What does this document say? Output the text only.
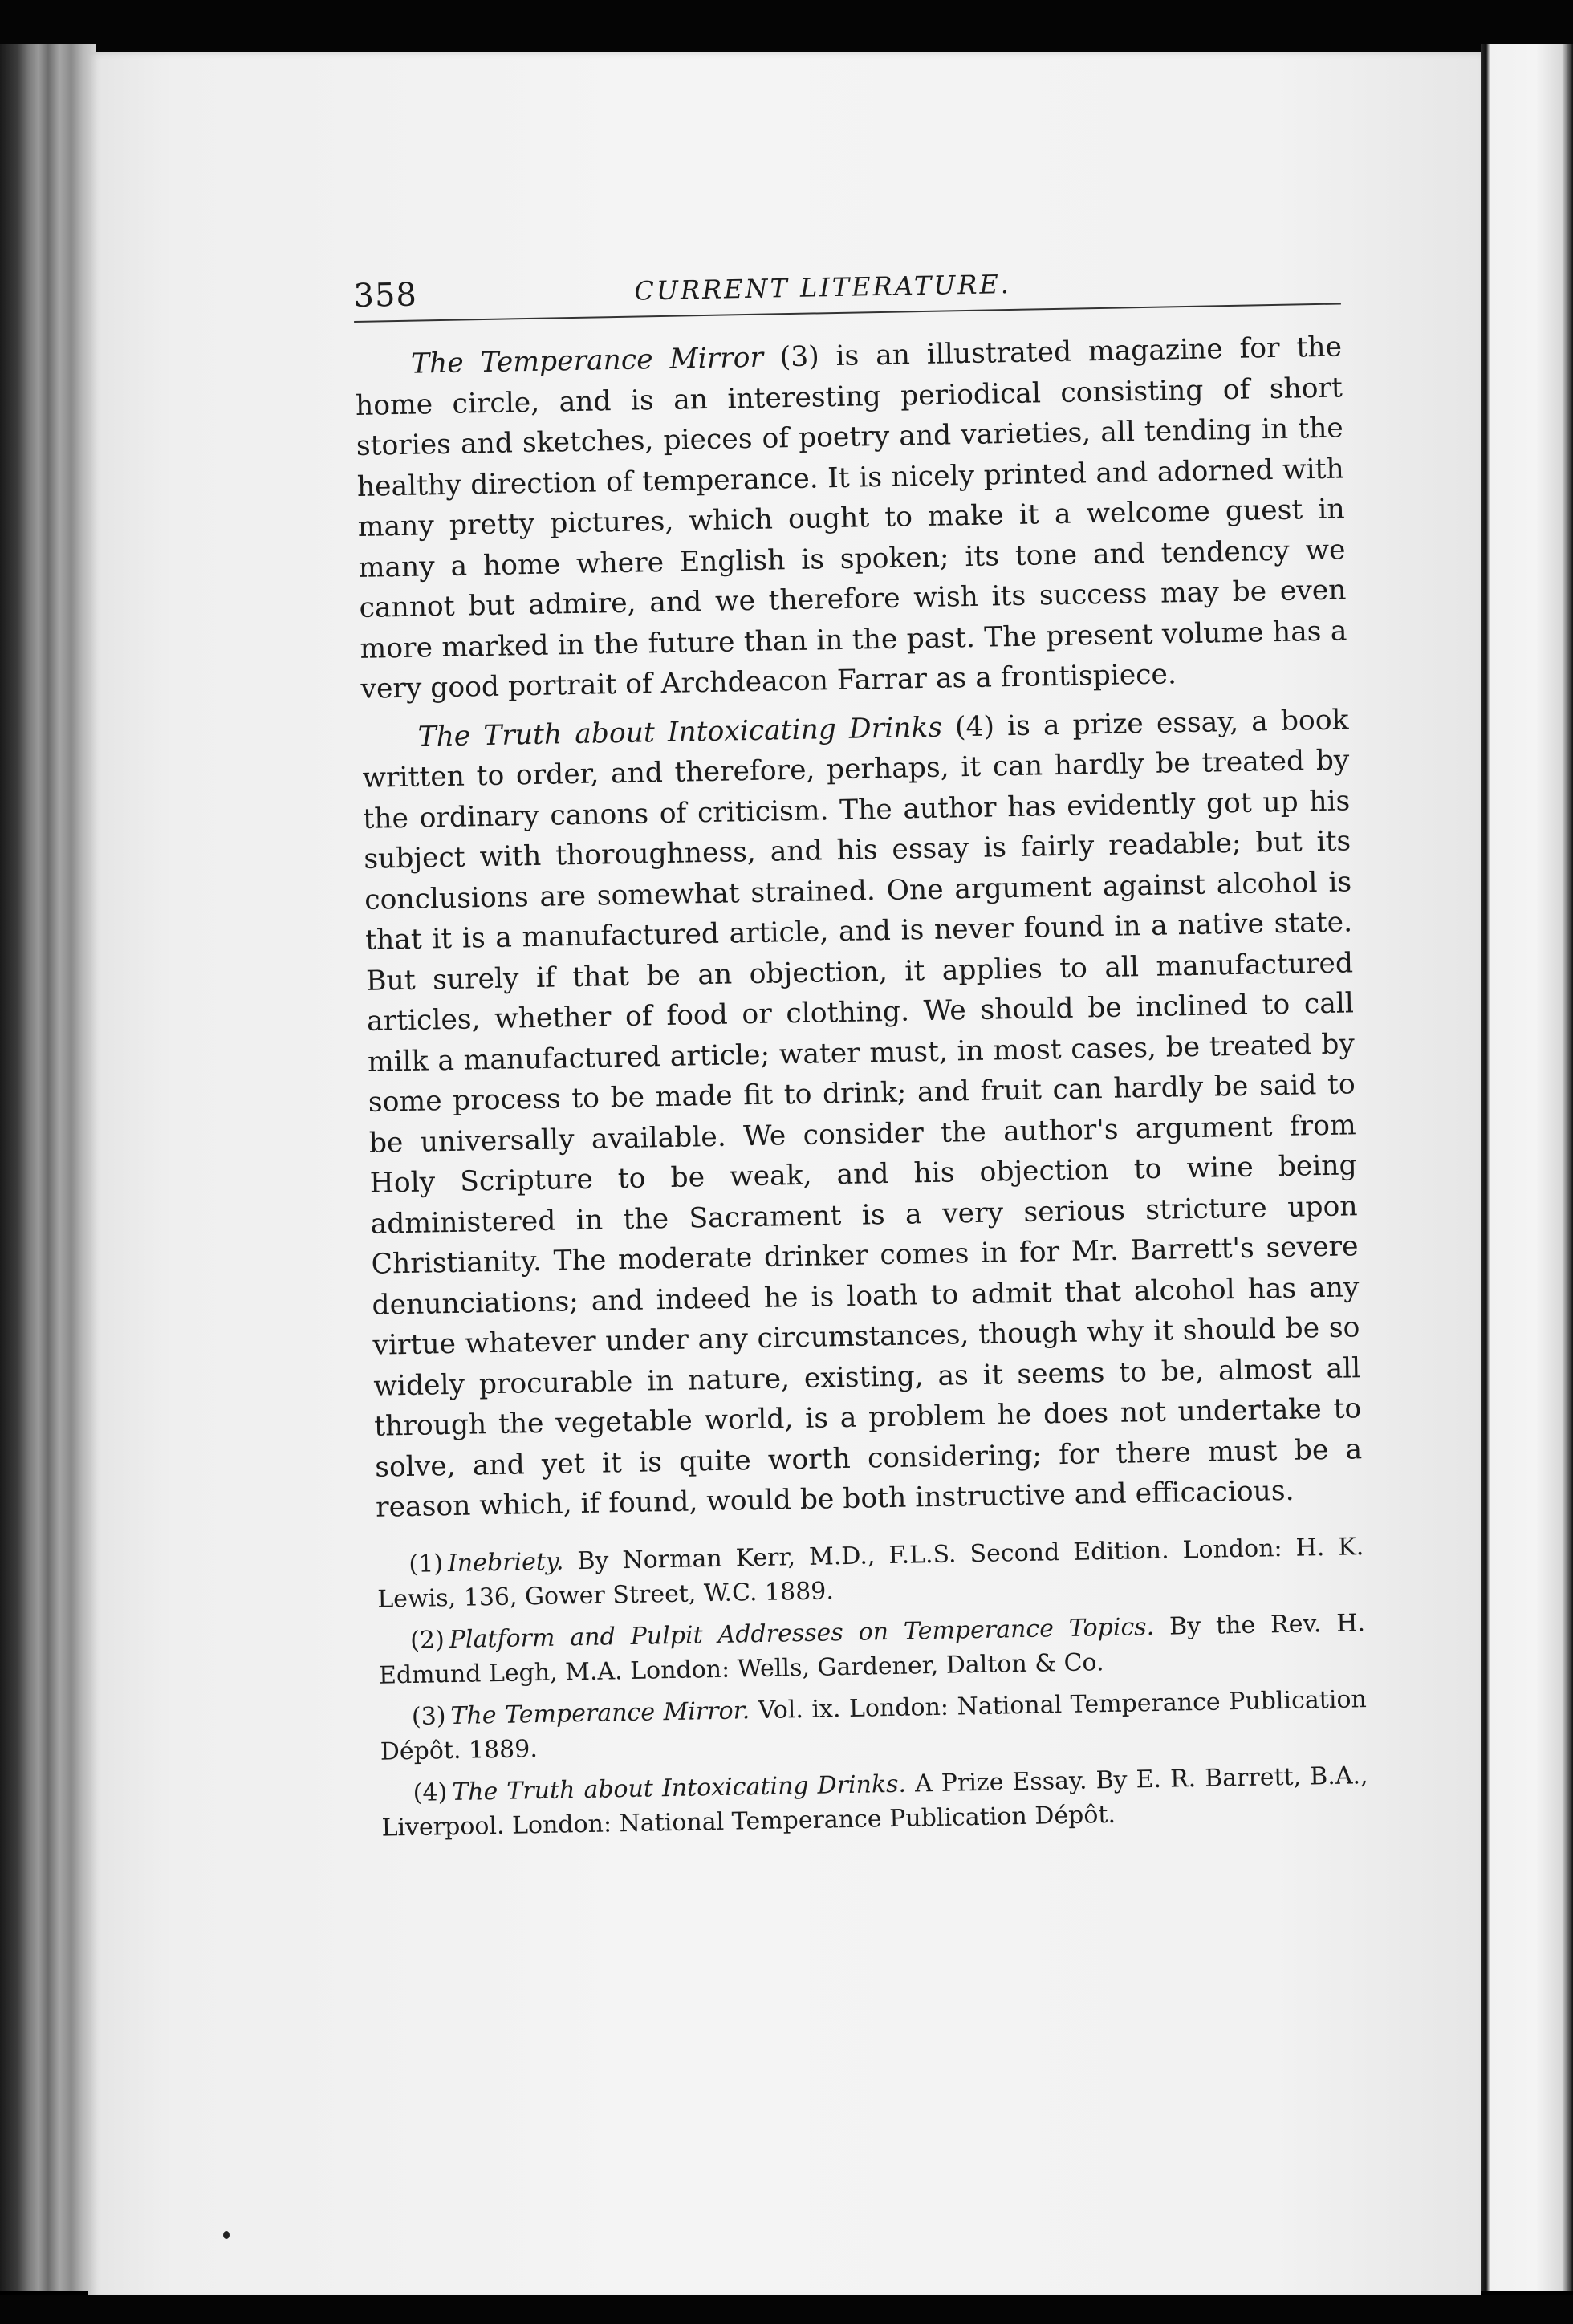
358	CURRENT LITERATURE.

The Temperance Mirror (3) is an illustrated magazine for the home circle, and is an interesting periodical consisting of short stories and sketches, pieces of poetry and varieties, all tending in the healthy direction of temperance. It is nicely printed and adorned with many pretty pictures, which ought to make it a welcome guest in many a home where English is spoken; its tone and tendency we cannot but admire, and we therefore wish its success may be even more marked in the future than in the past. The present volume has a very good portrait of Archdeacon Farrar as a frontispiece.

The Truth about Intoxicating Drinks (4) is a prize essay, a book written to order, and therefore, perhaps, it can hardly be treated by the ordinary canons of criticism. The author has evidently got up his subject with thoroughness, and his essay is fairly readable; but its conclusions are somewhat strained. One argument against alcohol is that it is a manufactured article, and is never found in a native state. But surely if that be an objection, it applies to all manufactured articles, whether of food or clothing. We should be inclined to call milk a manufactured article; water must, in most cases, be treated by some process to be made fit to drink; and fruit can hardly be said to be universally available. We consider the author's argument from Holy Scripture to be weak, and his objection to wine being administered in the Sacrament is a very serious stricture upon Christianity. The moderate drinker comes in for Mr. Barrett's severe denunciations; and indeed he is loath to admit that alcohol has any virtue whatever under any circumstances, though why it should be so widely procurable in nature, existing, as it seems to be, almost all through the vegetable world, is a problem he does not undertake to solve, and yet it is quite worth considering; for there must be a reason which, if found, would be both instructive and efficacious.

(1) Inebriety. By Norman Kerr, M.D., F.L.S. Second Edition. London: H. K. Lewis, 136, Gower Street, W.C. 1889.

(2) Platform and Pulpit Addresses on Temperance Topics. By the Rev. H. Edmund Legh, M.A. London: Wells, Gardener, Dalton & Co.

(3) The Temperance Mirror. Vol. ix. London: National Temperance Publication Dépôt. 1889.

(4) The Truth about Intoxicating Drinks. A Prize Essay. By E. R. Barrett, B.A., Liverpool. London: National Temperance Publication Dépôt.
